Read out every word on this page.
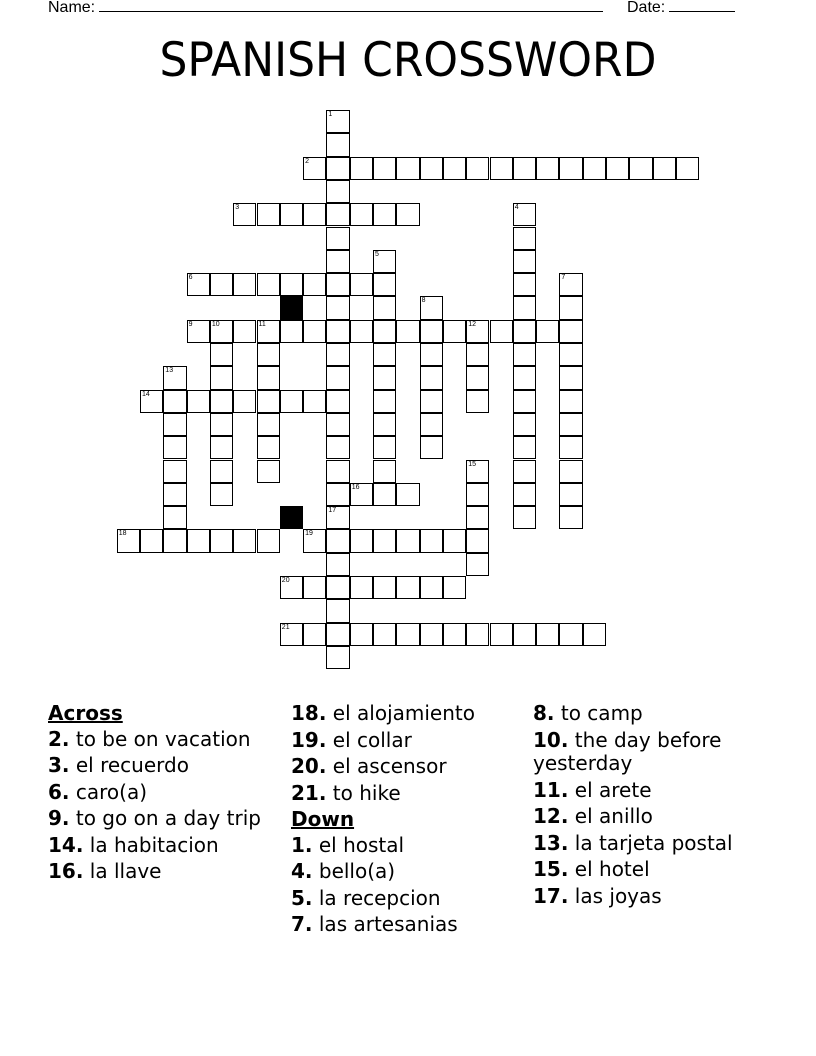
Name:	Date:
SPANISH CROSSWORD
1
17
2
3	4
5
6	7
8
9	10	11	12
13
14
15
16
18	19
20
21
Across
2. to be on vacation
3. el recuerdo
6. caro(a)
9. to go on a day trip
14. la habitacion
16. la llave
18. el alojamiento
19. el collar
20. el ascensor
21. to hike
Down
1. el hostal
4. bello(a)
5. la recepcion
7. las artesanias
8. to camp
10. the day before yesterday
11. el arete
12. el anillo
13. la tarjeta postal
15. el hotel
17. las joyas
